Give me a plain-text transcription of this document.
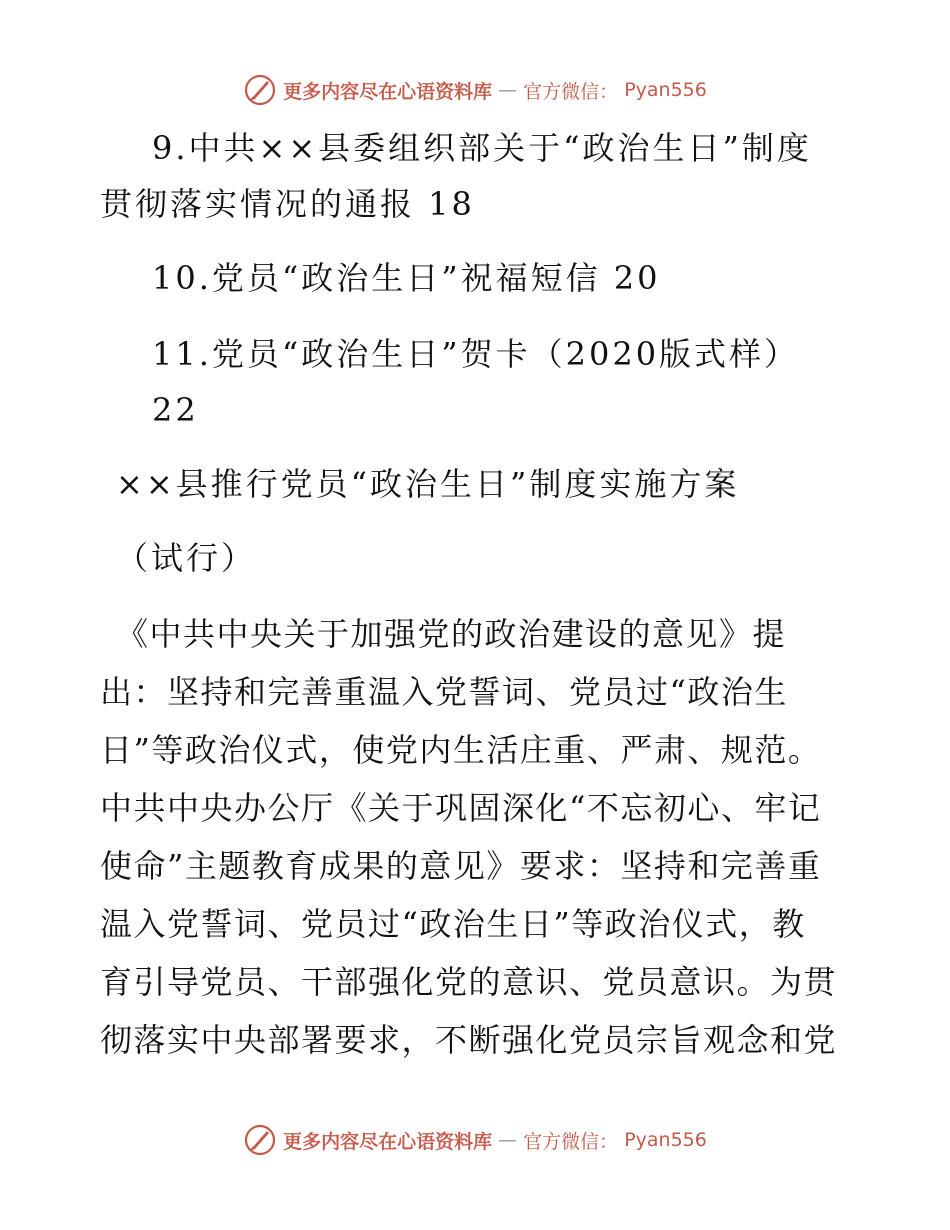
更多内容尽在心语资料库 — 官方微信： Pyan556
9.中共××县委组织部关于“政治生日”制度
贯彻落实情况的通报 18
10.党员“政治生日”祝福短信 20
11.党员“政治生日”贺卡（2020版式样）
22
××县推行党员“政治生日”制度实施方案
（试行）
《中共中央关于加强党的政治建设的意见》提
出：坚持和完善重温入党誓词、党员过“政治生
日”等政治仪式，使党内生活庄重、严肃、规范。
中共中央办公厅《关于巩固深化“不忘初心、牢记
使命”主题教育成果的意见》要求：坚持和完善重
温入党誓词、党员过“政治生日”等政治仪式，教
育引导党员、干部强化党的意识、党员意识。为贯
彻落实中央部署要求，不断强化党员宗旨观念和党
更多内容尽在心语资料库 — 官方微信： Pyan556
